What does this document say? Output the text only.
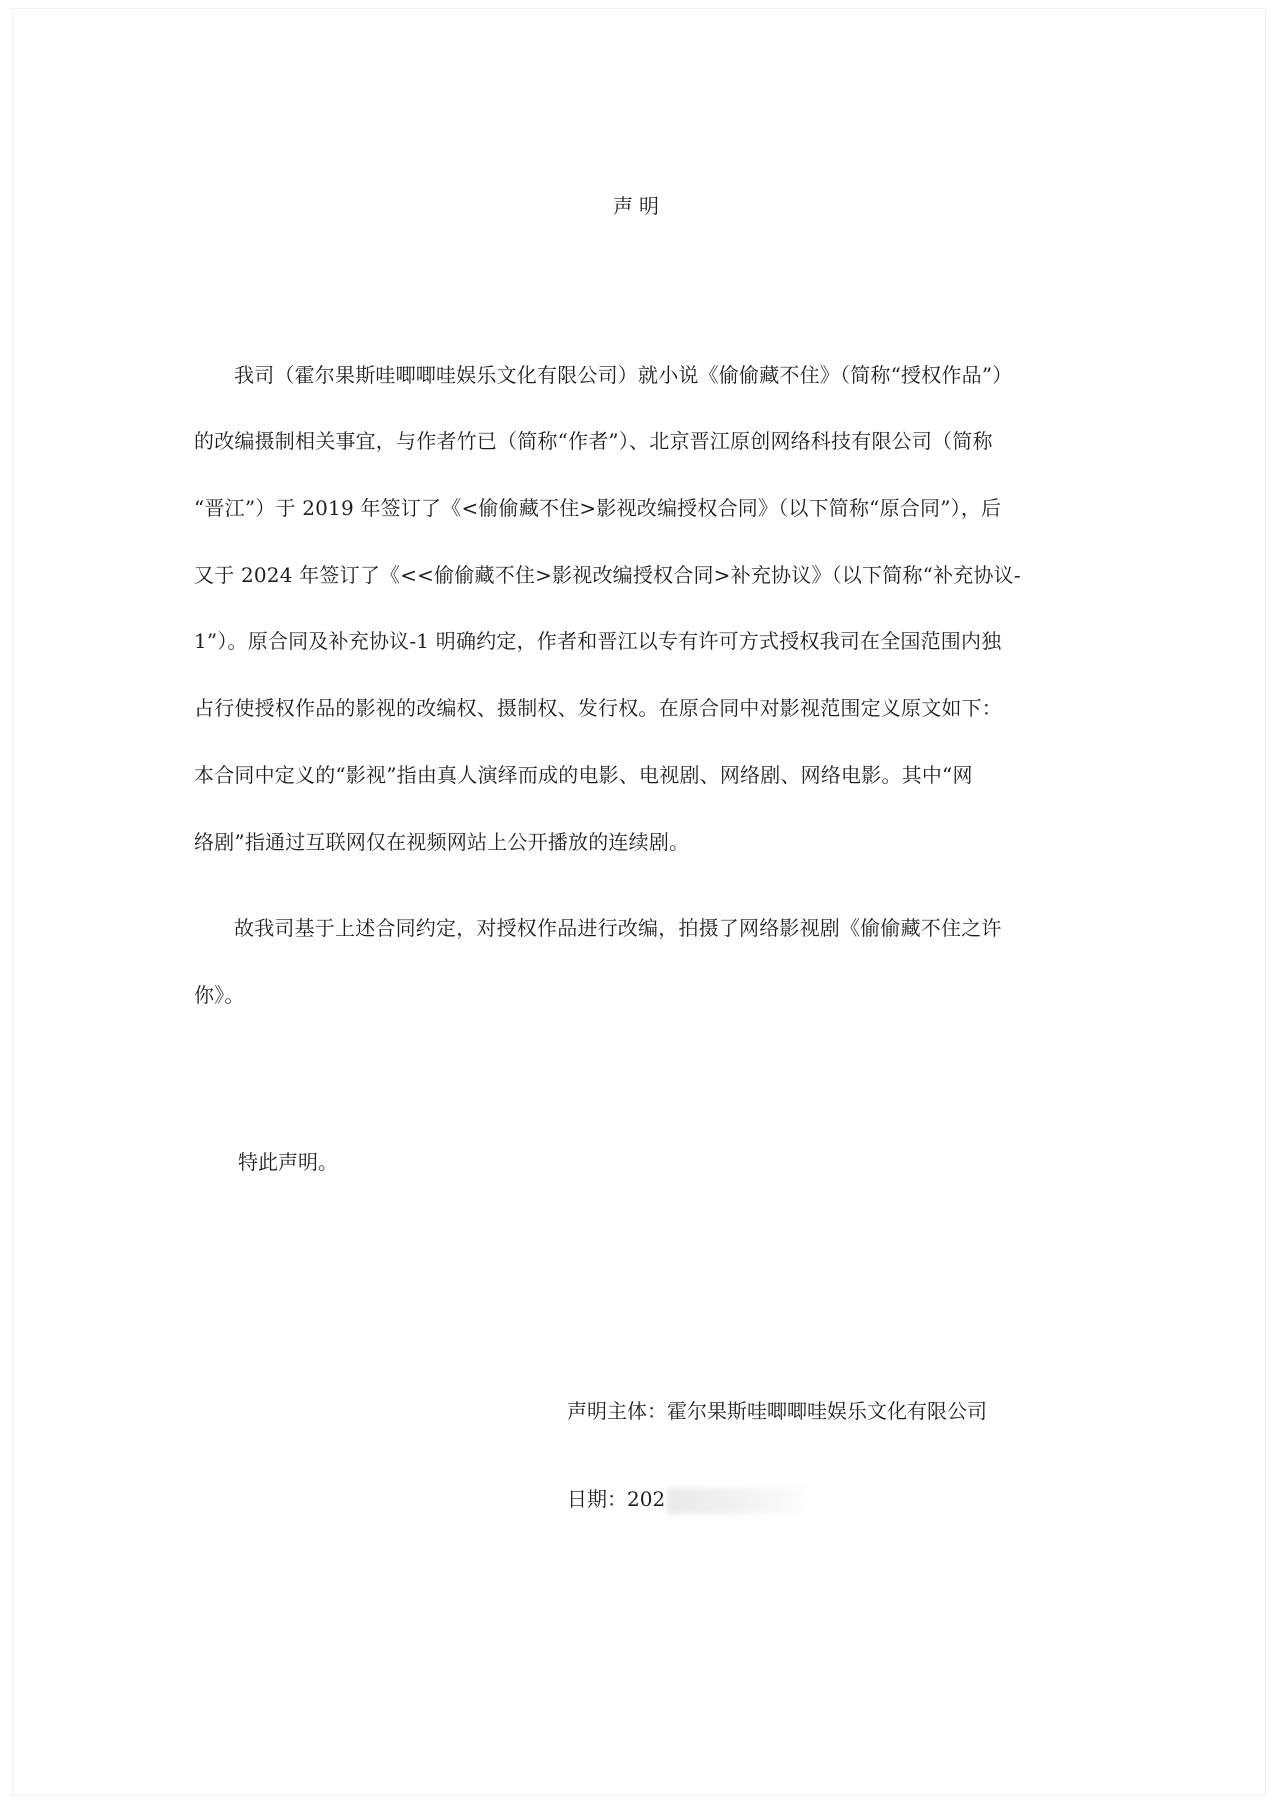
声明
我司（霍尔果斯哇唧唧哇娱乐文化有限公司）就小说《偷偷藏不住》（简称“授权作品”）
的改编摄制相关事宜，与作者竹已（简称“作者”）、北京晋江原创网络科技有限公司（简称
“晋江”）于 2019 年签订了《<偷偷藏不住>影视改编授权合同》（以下简称“原合同”），后
又于 2024 年签订了《<<偷偷藏不住>影视改编授权合同>补充协议》（以下简称“补充协议-
1”）。原合同及补充协议-1 明确约定，作者和晋江以专有许可方式授权我司在全国范围内独
占行使授权作品的影视的改编权、摄制权、发行权。在原合同中对影视范围定义原文如下：
本合同中定义的“影视”指由真人演绎而成的电影、电视剧、网络剧、网络电影。其中“网
络剧”指通过互联网仅在视频网站上公开播放的连续剧。
故我司基于上述合同约定，对授权作品进行改编，拍摄了网络影视剧《偷偷藏不住之许
你》。
特此声明。
声明主体：霍尔果斯哇唧唧哇娱乐文化有限公司
日期：202
